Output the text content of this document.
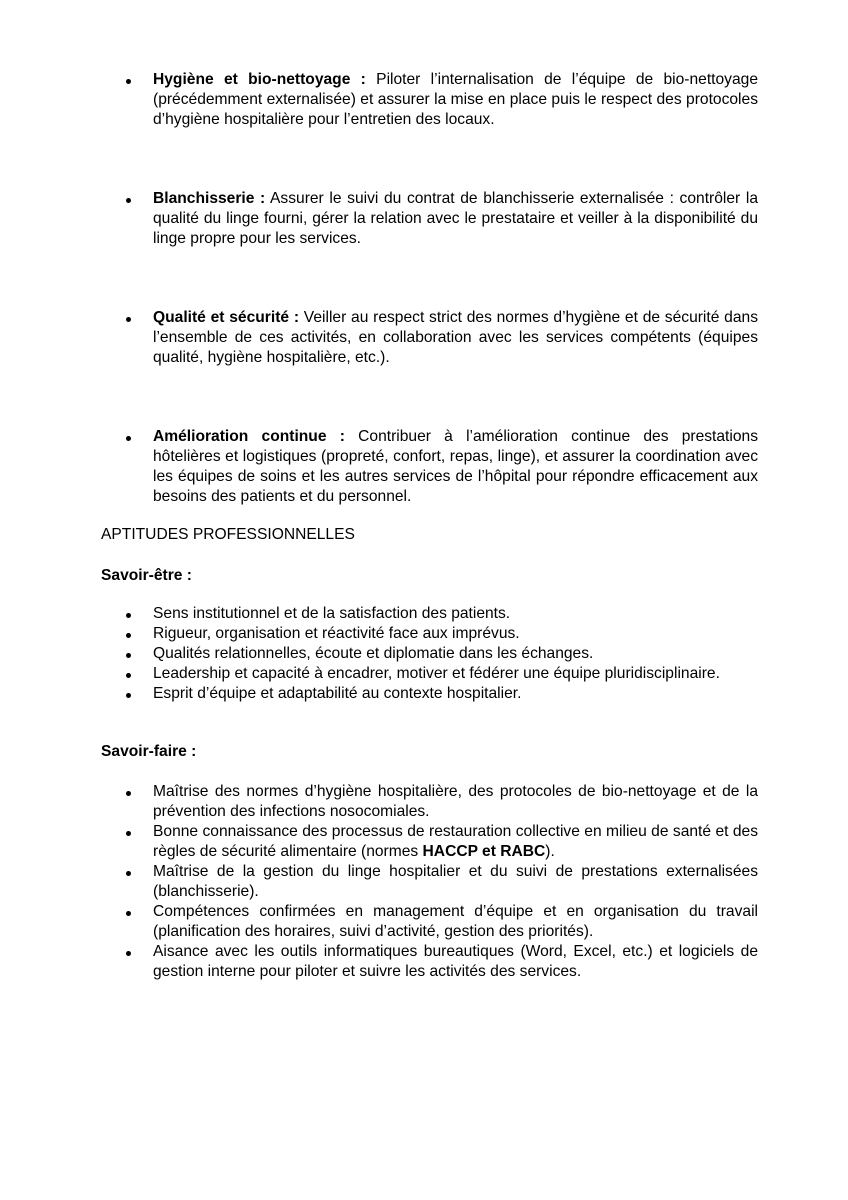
Hygiène et bio-nettoyage : Piloter l’internalisation de l’équipe de bio-nettoyage (précédemment externalisée) et assurer la mise en place puis le respect des protocoles d’hygiène hospitalière pour l’entretien des locaux.
Blanchisserie : Assurer le suivi du contrat de blanchisserie externalisée : contrôler la qualité du linge fourni, gérer la relation avec le prestataire et veiller à la disponibilité du linge propre pour les services.
Qualité et sécurité : Veiller au respect strict des normes d’hygiène et de sécurité dans l’ensemble de ces activités, en collaboration avec les services compétents (équipes qualité, hygiène hospitalière, etc.).
Amélioration continue : Contribuer à l’amélioration continue des prestations hôtelières et logistiques (propreté, confort, repas, linge), et assurer la coordination avec les équipes de soins et les autres services de l’hôpital pour répondre efficacement aux besoins des patients et du personnel.
APTITUDES PROFESSIONNELLES
Savoir-être :
Sens institutionnel et de la satisfaction des patients.
Rigueur, organisation et réactivité face aux imprévus.
Qualités relationnelles, écoute et diplomatie dans les échanges.
Leadership et capacité à encadrer, motiver et fédérer une équipe pluridisciplinaire.
Esprit d’équipe et adaptabilité au contexte hospitalier.
Savoir-faire :
Maîtrise des normes d’hygiène hospitalière, des protocoles de bio-nettoyage et de la prévention des infections nosocomiales.
Bonne connaissance des processus de restauration collective en milieu de santé et des règles de sécurité alimentaire (normes HACCP et RABC).
Maîtrise de la gestion du linge hospitalier et du suivi de prestations externalisées (blanchisserie).
Compétences confirmées en management d’équipe et en organisation du travail (planification des horaires, suivi d’activité, gestion des priorités).
Aisance avec les outils informatiques bureautiques (Word, Excel, etc.) et logiciels de gestion interne pour piloter et suivre les activités des services.
